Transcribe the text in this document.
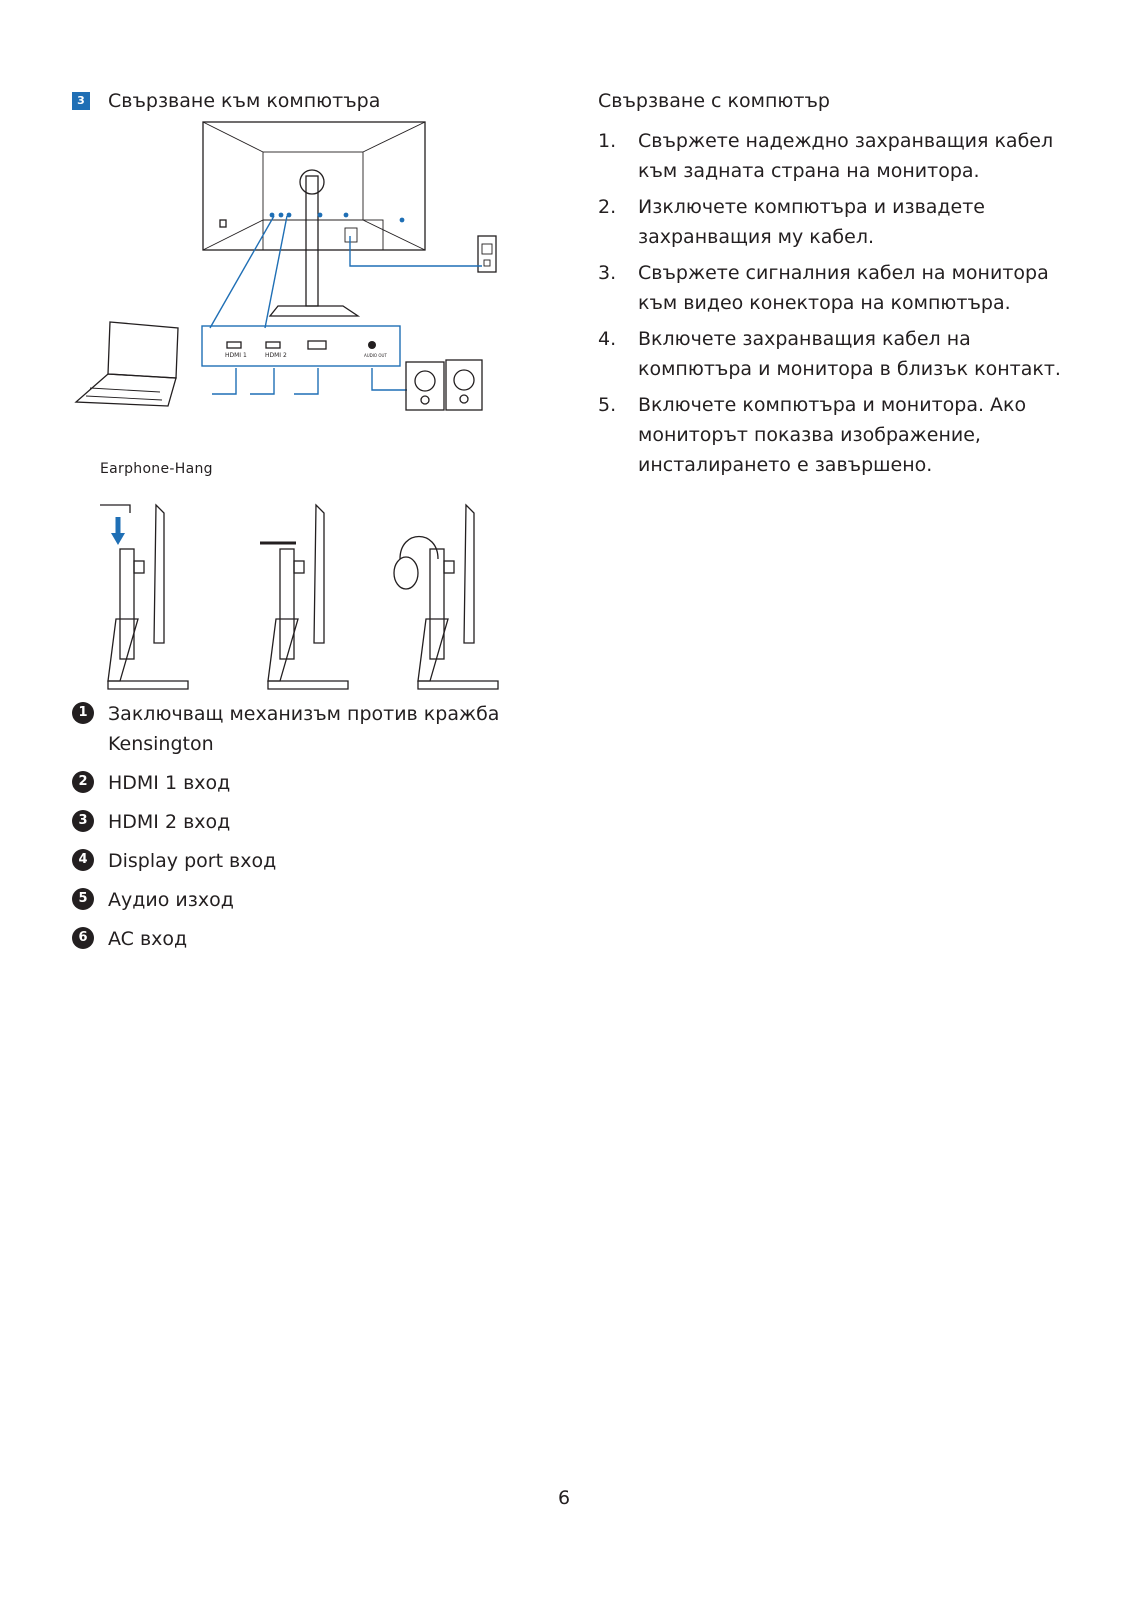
3 Свързване към компютъра	Свързване с компютър
1. Свържете надеждно захранващия кабел към задната страна на монитора.
2. Изключете компютъра и извадете захранващия му кабел.
3. Свържете сигналния кабел на монитора към видео конектора на компютъра.
4. Включете захранващия кабел на компютъра и монитора в близък контакт.
5. Включете компютъра и монитора. Ако мониторът показва изображение, инсталирането е завършено.
HDMI 1	HDMI 2	AUDIO OUT
Earphone-Hang
1	Заключващ механизъм против кражба Kensington
2	HDMI 1 вход
3	HDMI 2 вход
4	Display port вход
5	Аудио изход
6	AC вход
6
